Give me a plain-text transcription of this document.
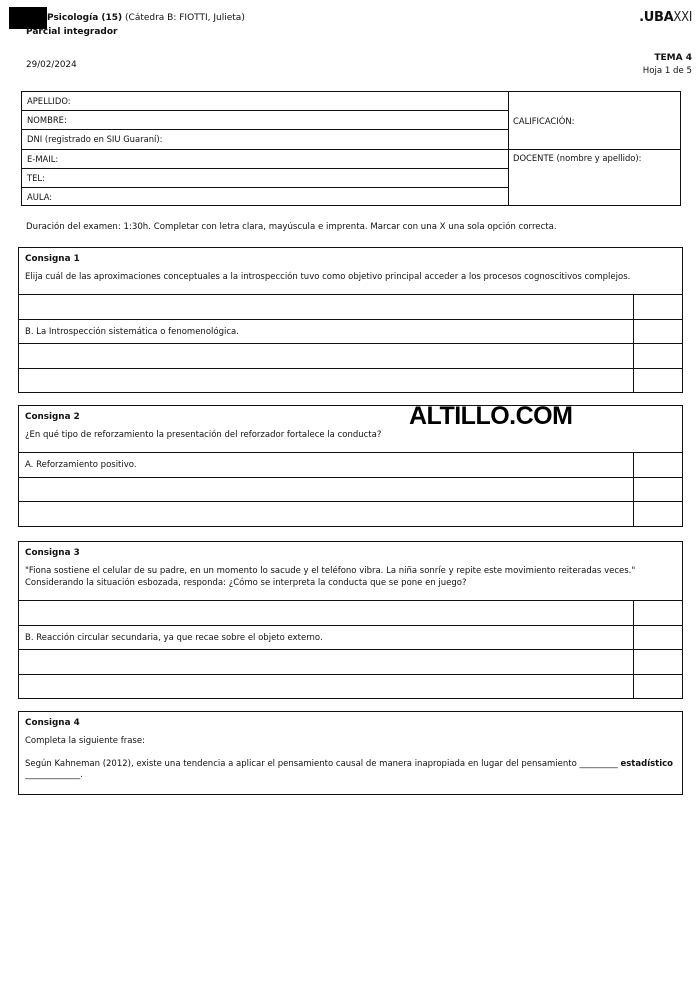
Psicología (15) (Cátedra B: FIOTTI, Julieta)
Parcial integrador
.UBAXXI
29/02/2024
TEMA 4
Hoja 1 de 5
APELLIDO:
NOMBRE:
DNI (registrado en SIU Guaraní):
E-MAIL:
TEL:
AULA:
CALIFICACIÓN:
DOCENTE (nombre y apellido):
Duración del examen: 1:30h. Completar con letra clara, mayúscula e imprenta. Marcar con una X una sola opción correcta.
Consigna 1
Elija cuál de las aproximaciones conceptuales a la introspección tuvo como objetivo principal acceder a los procesos cognoscitivos complejos.
B. La Introspección sistemática o fenomenológica.
Consigna 2
¿En qué tipo de reforzamiento la presentación del reforzador fortalece la conducta?
A. Reforzamiento positivo.
ALTILLO.COM
Consigna 3
"Fiona sostiene el celular de su padre, en un momento lo sacude y el teléfono vibra. La niña sonríe y repite este movimiento reiteradas veces."
Considerando la situación esbozada, responda: ¿Cómo se interpreta la conducta que se pone en juego?
B. Reacción circular secundaria, ya que recae sobre el objeto externo.
Consigna 4
Completa la siguiente frase:
Según Kahneman (2012), existe una tendencia a aplicar el pensamiento causal de manera inapropiada en lugar del pensamiento _________ estadístico
_____________.
